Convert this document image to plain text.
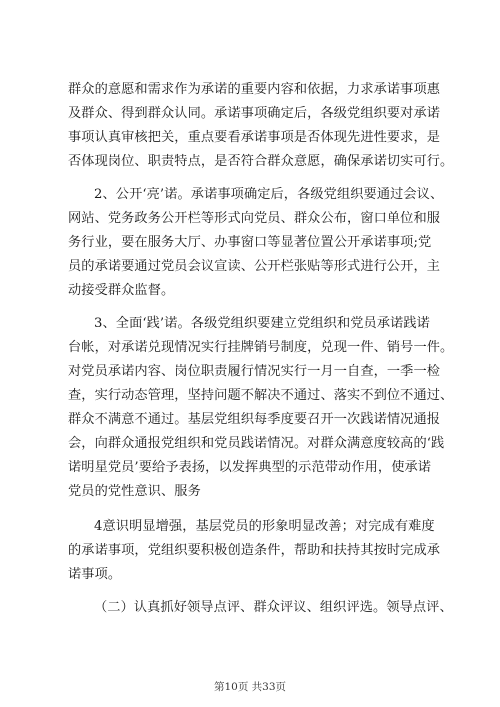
群众的意愿和需求作为承诺的重要内容和依据，力求承诺事项惠
及群众、得到群众认同。承诺事项确定后，各级党组织要对承诺
事项认真审核把关，重点要看承诺事项是否体现先进性要求，是
否体现岗位、职责特点，是否符合群众意愿，确保承诺切实可行。
2、公开‘亮’诺。承诺事项确定后，各级党组织要通过会议、
网站、党务政务公开栏等形式向党员、群众公布，窗口单位和服
务行业，要在服务大厅、办事窗口等显著位置公开承诺事项;党
员的承诺要通过党员会议宣读、公开栏张贴等形式进行公开，主
动接受群众监督。
3、全面‘践’诺。各级党组织要建立党组织和党员承诺践诺
台帐，对承诺兑现情况实行挂牌销号制度，兑现一件、销号一件。
对党员承诺内容、岗位职责履行情况实行一月一自查，一季一检
查，实行动态管理，坚持问题不解决不通过、落实不到位不通过、
群众不满意不通过。基层党组织每季度要召开一次践诺情况通报
会，向群众通报党组织和党员践诺情况。对群众满意度较高的‘践
诺明星党员’要给予表扬，以发挥典型的示范带动作用，使承诺
党员的党性意识、服务
4意识明显增强，基层党员的形象明显改善；对完成有难度
的承诺事项，党组织要积极创造条件，帮助和扶持其按时完成承
诺事项。
（二）认真抓好领导点评、群众评议、组织评选。领导点评、
第10页 共33页
